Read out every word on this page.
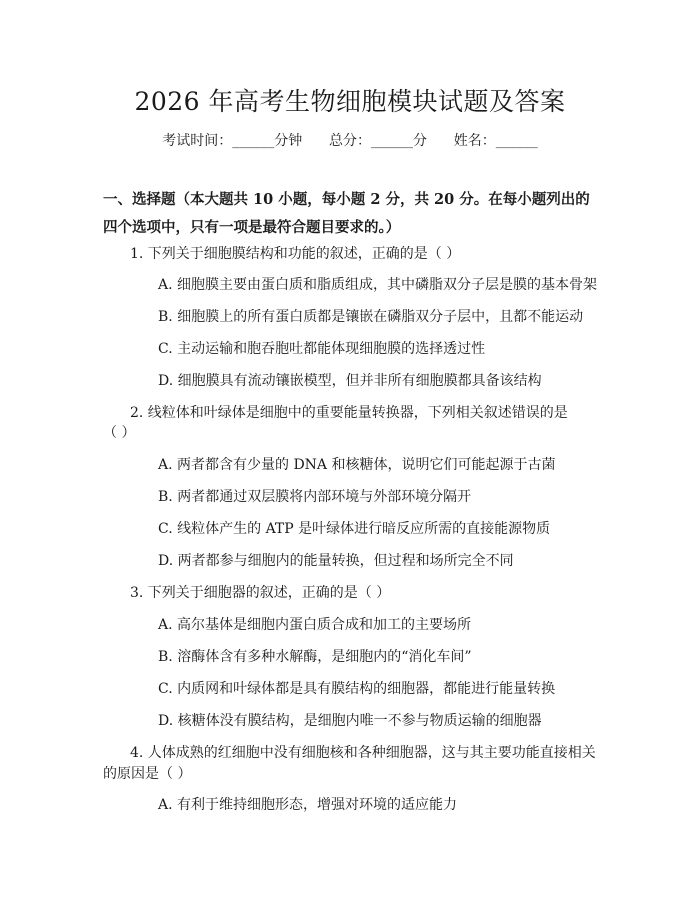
2026 年高考生物细胞模块试题及答案
考试时间：______分钟      总分：______分      姓名：______
一、选择题（本大题共 10 小题，每小题 2 分，共 20 分。在每小题列出的四个选项中，只有一项是最符合题目要求的。）
1. 下列关于细胞膜结构和功能的叙述，正确的是（ ）
A. 细胞膜主要由蛋白质和脂质组成，其中磷脂双分子层是膜的基本骨架
B. 细胞膜上的所有蛋白质都是镶嵌在磷脂双分子层中，且都不能运动
C. 主动运输和胞吞胞吐都能体现细胞膜的选择透过性
D. 细胞膜具有流动镶嵌模型，但并非所有细胞膜都具备该结构
2. 线粒体和叶绿体是细胞中的重要能量转换器，下列相关叙述错误的是
（ ）
A. 两者都含有少量的 DNA 和核糖体，说明它们可能起源于古菌
B. 两者都通过双层膜将内部环境与外部环境分隔开
C. 线粒体产生的 ATP 是叶绿体进行暗反应所需的直接能源物质
D. 两者都参与细胞内的能量转换，但过程和场所完全不同
3. 下列关于细胞器的叙述，正确的是（ ）
A. 高尔基体是细胞内蛋白质合成和加工的主要场所
B. 溶酶体含有多种水解酶，是细胞内的“消化车间”
C. 内质网和叶绿体都是具有膜结构的细胞器，都能进行能量转换
D. 核糖体没有膜结构，是细胞内唯一不参与物质运输的细胞器
4. 人体成熟的红细胞中没有细胞核和各种细胞器，这与其主要功能直接相关
的原因是（ ）
A. 有利于维持细胞形态，增强对环境的适应能力
